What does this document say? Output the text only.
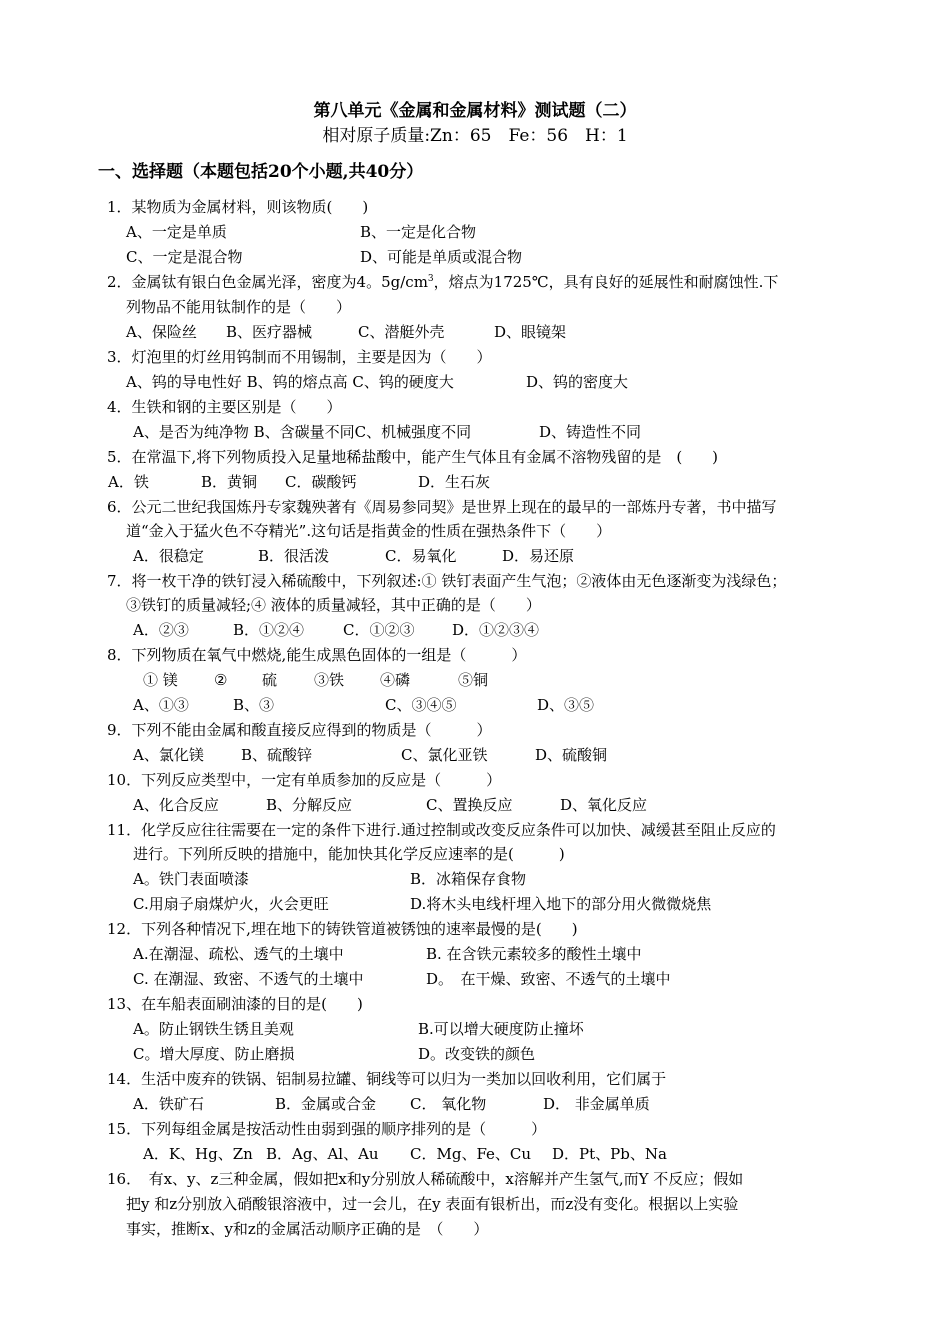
第八单元《金属和金属材料》测试题（二）
相对原子质量:Zn：65　Fe：56　H：1
一、选择题（本题包括20个小题,共40分）
1．某物质为金属材料，则该物质(　　)
A、一定是单质	B、一定是化合物
C、一定是混合物	D、可能是单质或混合物
2．金属钛有银白色金属光泽，密度为4。$5g/cm^3$，熔点为1725℃，具有良好的延展性和耐腐蚀性.下
列物品不能用钛制作的是（　　）
A、保险丝 B、医疗器械	C、潜艇外壳	D、眼镜架
3．灯泡里的灯丝用钨制而不用锡制，主要是因为（　　）
A、钨的导电性好 B、钨的熔点高 C、钨的硬度大	D、钨的密度大
4．生铁和钢的主要区别是（　　）
A、是否为纯净物 B、含碳量不同C、机械强度不同	D、铸造性不同
5．在常温下,将下列物质投入足量地稀盐酸中，能产生气体且有金属不溶物残留的是　(　　)
A．铁	B．黄铜 C．碳酸钙	D．生石灰
6．公元二世纪我国炼丹专家魏殃著有《周易参同契》是世界上现在的最早的一部炼丹专著，书中描写
道“金入于猛火色不夺精光”.这句话是指黄金的性质在强热条件下（　　）
A．很稳定	B．很活泼	C．易氧化	D．易还原
7．将一枚干净的铁钉浸入稀硫酸中，下列叙述:① 铁钉表面产生气泡；②液体由无色逐渐变为浅绿色；
③铁钉的质量减轻;④ 液体的质量减轻，其中正确的是（　　）
A．②③	B．①②④	C．①②③	D．①②③④
8．下列物质在氧气中燃烧,能生成黑色固体的一组是（　　　）
① 镁 ② 硫 ③铁 ④磷	⑤铜
A、①③	B、③	C、③④⑤	D、③⑤
9．下列不能由金属和酸直接反应得到的物质是（　　　）
A、氯化镁 B、硫酸锌	C、氯化亚铁	D、硫酸铜
10．下列反应类型中，一定有单质参加的反应是（　　　）
A、化合反应	B、分解反应	C、置换反应	D、氧化反应
11．化学反应往往需要在一定的条件下进行.通过控制或改变反应条件可以加快、减缓甚至阻止反应的
进行。下列所反映的措施中，能加快其化学反应速率的是(　　　)
A。铁门表面喷漆	B．冰箱保存食物
C.用扇子扇煤炉火，火会更旺	D.将木头电线杆埋入地下的部分用火微微烧焦
12．下列各种情况下,埋在地下的铸铁管道被锈蚀的速率最慢的是(　　)
A.在潮湿、疏松、透气的土壤中	B. 在含铁元素较多的酸性土壤中
C. 在潮湿、致密、不透气的土壤中	D。　在干燥、致密、不透气的土壤中
13、在车船表面刷油漆的目的是(　　)
A。防止钢铁生锈且美观	B.可以增大硬度防止撞坏
C。增大厚度、防止磨损	D。改变铁的颜色
14．生活中废弃的铁锅、铝制易拉罐、铜线等可以归为一类加以回收利用，它们属于
A．铁矿石	B．金属或合金 C． 氧化物	D． 非金属单质
15．下列每组金属是按活动性由弱到强的顺序排列的是（　　　）
A．K、Hg、Zn B．Ag、Al、Au C．Mg、Fe、Cu D．Pt、Pb、Na
16．　有x、y、z三种金属，假如把x和y分别放人稀硫酸中，x溶解并产生氢气,而Y 不反应；假如
把y 和z分别放入硝酸银溶液中，过一会儿，在y 表面有银析出，而z没有变化。根据以上实验
事实，推断x、y和z的金属活动顺序正确的是　（　　）
